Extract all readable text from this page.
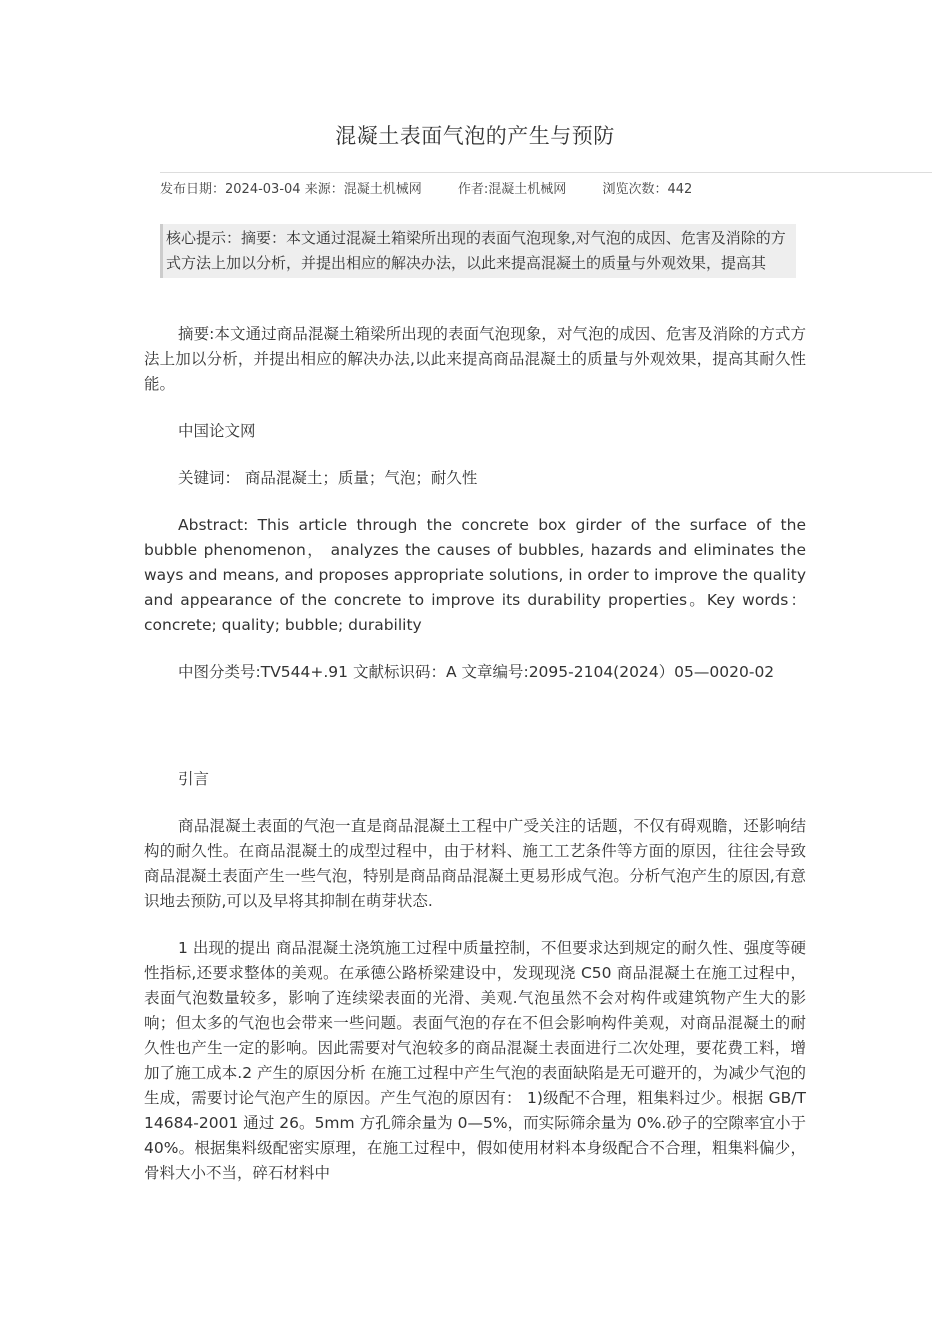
混凝土表面气泡的产生与预防
发布日期：2024-03-04 来源：混凝土机械网	作者:混凝土机械网	浏览次数：442
核心提示：摘要：本文通过混凝土箱梁所出现的表面气泡现象,对气泡的成因、危害及消除的方式方法上加以分析，并提出相应的解决办法，以此来提高混凝土的质量与外观效果，提高其

摘要:本文通过商品混凝土箱梁所出现的表面气泡现象，对气泡的成因、危害及消除的方式方法上加以分析，并提出相应的解决办法,以此来提高商品混凝土的质量与外观效果，提高其耐久性能。

中国论文网

关键词： 商品混凝土；质量；气泡；耐久性

Abstract: This article through the concrete box girder of the surface of the bubble phenomenon， analyzes the causes of bubbles, hazards and eliminates the ways and means, and proposes appropriate solutions, in order to improve the quality and appearance of the concrete to improve its durability properties。Key words： concrete; quality; bubble; durability

中图分类号:TV544+.91 文献标识码：A 文章编号:2095-2104(2024）05—0020-02

引言

商品混凝土表面的气泡一直是商品混凝土工程中广受关注的话题，不仅有碍观瞻，还影响结构的耐久性。在商品混凝土的成型过程中，由于材料、施工工艺条件等方面的原因，往往会导致商品混凝土表面产生一些气泡，特别是商品商品混凝土更易形成气泡。分析气泡产生的原因,有意识地去预防,可以及早将其抑制在萌芽状态.

1 出现的提出 商品混凝土浇筑施工过程中质量控制，不但要求达到规定的耐久性、强度等硬性指标,还要求整体的美观。在承德公路桥梁建设中，发现现浇 C50 商品混凝土在施工过程中，表面气泡数量较多，影响了连续梁表面的光滑、美观.气泡虽然不会对构件或建筑物产生大的影响；但太多的气泡也会带来一些问题。表面气泡的存在不但会影响构件美观，对商品混凝土的耐久性也产生一定的影响。因此需要对气泡较多的商品混凝土表面进行二次处理，要花费工料，增加了施工成本.2 产生的原因分析 在施工过程中产生气泡的表面缺陷是无可避开的，为减少气泡的生成，需要讨论气泡产生的原因。产生气泡的原因有： 1)级配不合理，粗集料过少。根据 GB/T 14684-2001 通过 26。5mm 方孔筛余量为 0—5%，而实际筛余量为 0%.砂子的空隙率宜小于 40%。根据集料级配密实原理，在施工过程中，假如使用材料本身级配合不合理，粗集料偏少，骨料大小不当，碎石材料中
